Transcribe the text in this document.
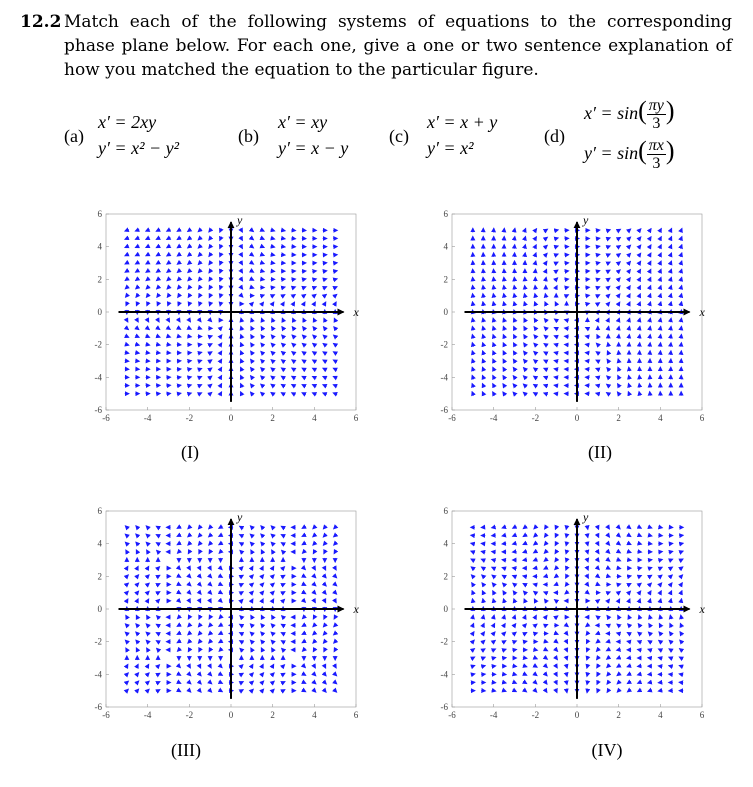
12.2 Match each of the following systems of equations to the corresponding phase plane below. For each one, give a one or two sentence explanation of how you matched the equation to the particular figure.
(a)
x′ = 2xy
y′ = x² − y²
(b)
x′ = xy
y′ = x − y
(c)
x′ = x + y
y′ = x²
(d)
$x' = \sin( \frac{\pi y}{3}$ )
$y' = \sin( \frac{\pi x}{3}$ )
-6
-6
-4
-4
-2
-2
0
0
2
2
4
4
6
6
x
y
(I)
-6
-6
-4
-4
-2
-2
0
0
2
2
4
4
6
6
x
y
(II)
-6
-6
-4
-4
-2
-2
0
0
2
2
4
4
6
6
x
y
(III)
-6
-6
-4
-4
-2
-2
0
0
2
2
4
4
6
6
x
y
(IV)
